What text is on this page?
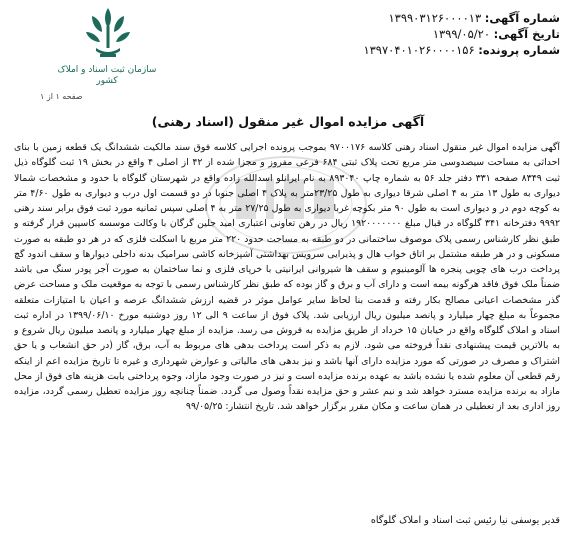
سازمان ثبت اسناد و املاک کشور
صفحه ۱ از ۱
شماره آگهی: ۱۳۹۹۰۳۱۲۶۰۰۰۰۱۳
تاریخ آگهی: ۱۳۹۹/۰۵/۲۰
شماره پرونده: ۱۳۹۷۰۴۰۱۰۲۶۰۰۰۰۱۵۶
آگهی مزایده اموال غیر منقول (اسناد رهنی)
آگهی مزایده اموال غیر منقول اسناد رهنی کلاسه ۹۷۰۰۱۷۶ بموجب پرونده اجرایی کلاسه فوق سند مالکیت ششدانگ یک قطعه زمین با بنای احداثی به مساحت سیصدوسی متر مربع تحت پلاک ثبتی ۶۸۴ فرعی مفروز و مجزا شده از ۴۲ از اصلی ۴ واقع در بخش ۱۹ ثبت گلوگاه ذیل ثبت ۸۳۴۹ صفحه ۳۳۱ دفتر جلد ۵۶ به شماره چاپ ۸۹۳۰۴۰ به نام ایرانلو اسدالله زاده واقع در شهرستان گلوگاه با حدود و مشخصات شمالا دیواری به طول ۱۳ متر به ۴ اصلی شرقا دیواری به طول ۲۳/۲۵متر به پلاک ۴ اصلی جنوبا در دو قسمت اول درب و دیواری به طول ۴/۶۰ متر به کوچه دوم در و دیواری است به طول ۹۰ متر بکوچه غربا دیواری به طول ۲۷/۲۵ متر به ۴ اصلی سپس ثمانیه مورد ثبت فوق برابر سند رهنی ۹۹۹۲ دفترخانه ۳۴۱ گلوگاه در قبال مبلغ ۱۹۲۰۰۰۰۰۰۰ ریال در رهن تعاونی اعتباری امید جلین گرگان با وکالت موسسه کاسپین قرار گرفته و طبق نظر کارشناس رسمی پلاک موصوف ساختمانی در دو طبقه به مساحت حدود ۲۲۰ متر مربع با اسکلت فلزی که در هر دو طبقه به صورت مسکونی و در هر طبقه مشتمل بر اتاق خواب هال و پذیرایی سرویس بهداشتی آشپزخانه کاشی سرامیک بدنه داخلی دیوارها و سقف اندود گچ پرداخت درب های چوبی پنجره ها آلومینیوم و سقف ها شیروانی ایرانیتی با خرپای فلزی و نما ساختمان به صورت آجر پودر سنگ می باشد ضمناً ملک فوق فاقد هرگونه بیمه است و دارای آب و برق و گاز بوده که طبق نظر کارشناس رسمی با توجه به موقعیت ملک و مساحت عرض گذر مشخصات اعیانی مصالح بکار رفته و قدمت بنا لحاظ سایر عوامل موثر در قضیه ارزش ششدانگ عرصه و اعیان با امتیازات متعلقه مجموعاً به مبلغ چهار میلیارد و پانصد میلیون ریال ارزیابی شد. پلاک فوق از ساعت ۹ الی ۱۲ روز دوشنبه مورخ ۱۳۹۹/۰۶/۱۰ در اداره ثبت اسناد و املاک گلوگاه واقع در خیابان ۱۵ خرداد از طریق مزایده به فروش می رسد. مزایده از مبلغ چهار میلیارد و پانصد میلیون ریال شروع و به بالاترین قیمت پیشنهادی نقداً فروخته می شود. لازم به ذکر است پرداخت بدهی های مربوط به آب، برق، گاز (در حق انشعاب و یا حق اشتراک و مصرف در صورتی که مورد مزایده دارای آنها باشد و نیز بدهی های مالیاتی و عوارض شهرداری و غیره تا تاریخ مزایده اعم از اینکه رقم قطعی آن معلوم شده یا نشده باشد به عهده برنده مزایده است و نیز در صورت وجود مازاد، وجوه پرداختی بابت هزینه های فوق از محل مازاد به برنده مزایده مسترد خواهد شد و نیم عشر و حق مزایده نقداً وصول می گردد. ضمناً چنانچه روز مزایده تعطیل رسمی گردد، مزایده روز اداری بعد از تعطیلی در همان ساعت و مکان مقرر برگزار خواهد شد. تاریخ انتشار: ۹۹/۰۵/۲۵
قدیر یوسفی نیا رئیس ثبت اسناد و املاک گلوگاه
